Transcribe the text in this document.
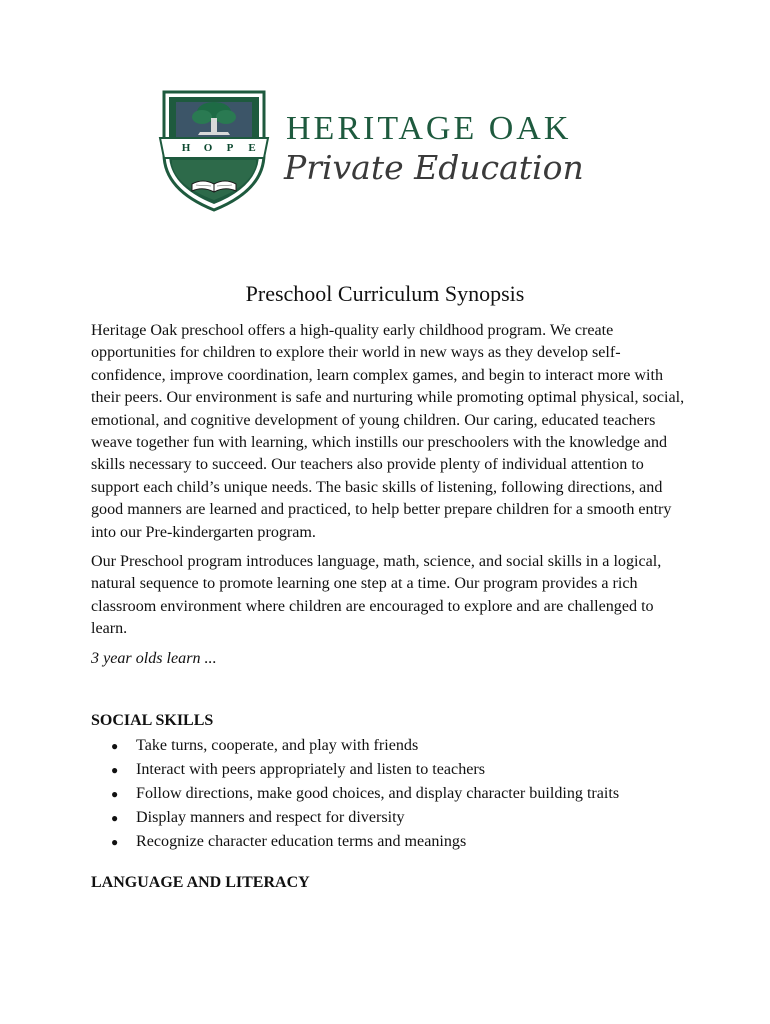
H O P E
HERITAGE OAK
Private Education
Preschool Curriculum Synopsis

Heritage Oak preschool offers a high-quality early childhood program. We create opportunities for children to explore their world in new ways as they develop self-confidence, improve coordination, learn complex games, and begin to interact more with their peers. Our environment is safe and nurturing while promoting optimal physical, social, emotional, and cognitive development of young children. Our caring, educated teachers weave together fun with learning, which instills our preschoolers with the knowledge and skills necessary to succeed. Our teachers also provide plenty of individual attention to support each child’s unique needs. The basic skills of listening, following directions, and good manners are learned and practiced, to help better prepare children for a smooth entry into our Pre-kindergarten program.

Our Preschool program introduces language, math, science, and social skills in a logical, natural sequence to promote learning one step at a time. Our program provides a rich classroom environment where children are encouraged to explore and are challenged to learn.

3 year olds learn ...

SOCIAL SKILLS
● Take turns, cooperate, and play with friends
● Interact with peers appropriately and listen to teachers
● Follow directions, make good choices, and display character building traits
● Display manners and respect for diversity
● Recognize character education terms and meanings
LANGUAGE AND LITERACY
